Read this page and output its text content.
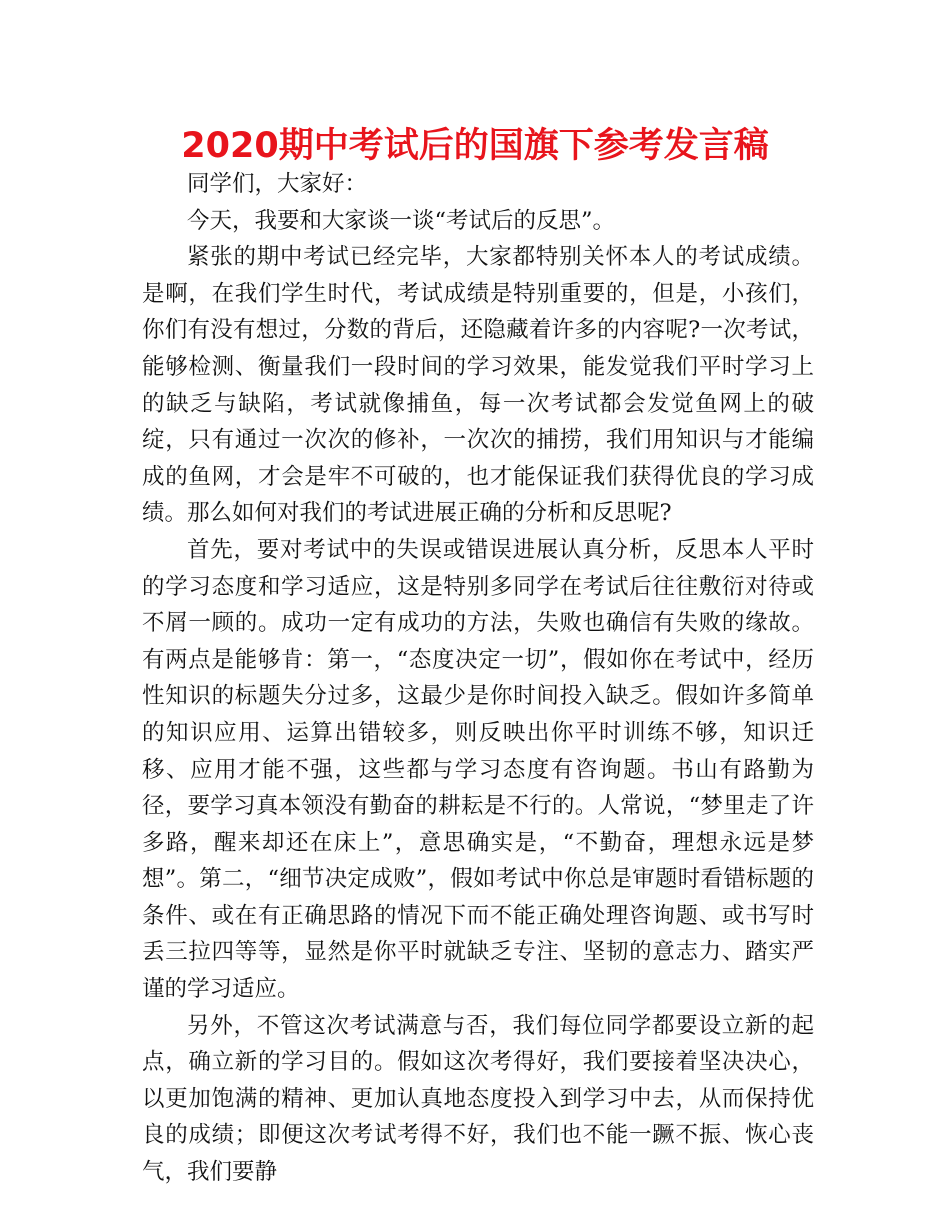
2020期中考试后的国旗下参考发言稿

同学们，大家好：

今天，我要和大家谈一谈“考试后的反思”。

紧张的期中考试已经完毕，大家都特别关怀本人的考试成绩。是啊，在我们学生时代，考试成绩是特别重要的，但是，小孩们，你们有没有想过，分数的背后，还隐藏着许多的内容呢?一次考试，能够检测、衡量我们一段时间的学习效果，能发觉我们平时学习上的缺乏与缺陷，考试就像捕鱼，每一次考试都会发觉鱼网上的破绽，只有通过一次次的修补，一次次的捕捞，我们用知识与才能编成的鱼网，才会是牢不可破的，也才能保证我们获得优良的学习成绩。那么如何对我们的考试进展正确的分析和反思呢?

首先，要对考试中的失误或错误进展认真分析，反思本人平时的学习态度和学习适应，这是特别多同学在考试后往往敷衍对待或不屑一顾的。成功一定有成功的方法，失败也确信有失败的缘故。有两点是能够肯：第一，“态度决定一切”，假如你在考试中，经历性知识的标题失分过多，这最少是你时间投入缺乏。假如许多简单的知识应用、运算出错较多，则反映出你平时训练不够，知识迁移、应用才能不强，这些都与学习态度有咨询题。书山有路勤为径，要学习真本领没有勤奋的耕耘是不行的。人常说，“梦里走了许多路，醒来却还在床上”，意思确实是，“不勤奋，理想永远是梦想”。第二，“细节决定成败”，假如考试中你总是审题时看错标题的条件、或在有正确思路的情况下而不能正确处理咨询题、或书写时丢三拉四等等，显然是你平时就缺乏专注、坚韧的意志力、踏实严谨的学习适应。

另外，不管这次考试满意与否，我们每位同学都要设立新的起点，确立新的学习目的。假如这次考得好，我们要接着坚决决心，以更加饱满的精神、更加认真地态度投入到学习中去，从而保持优良的成绩；即便这次考试考得不好，我们也不能一蹶不振、恢心丧气，我们要静
